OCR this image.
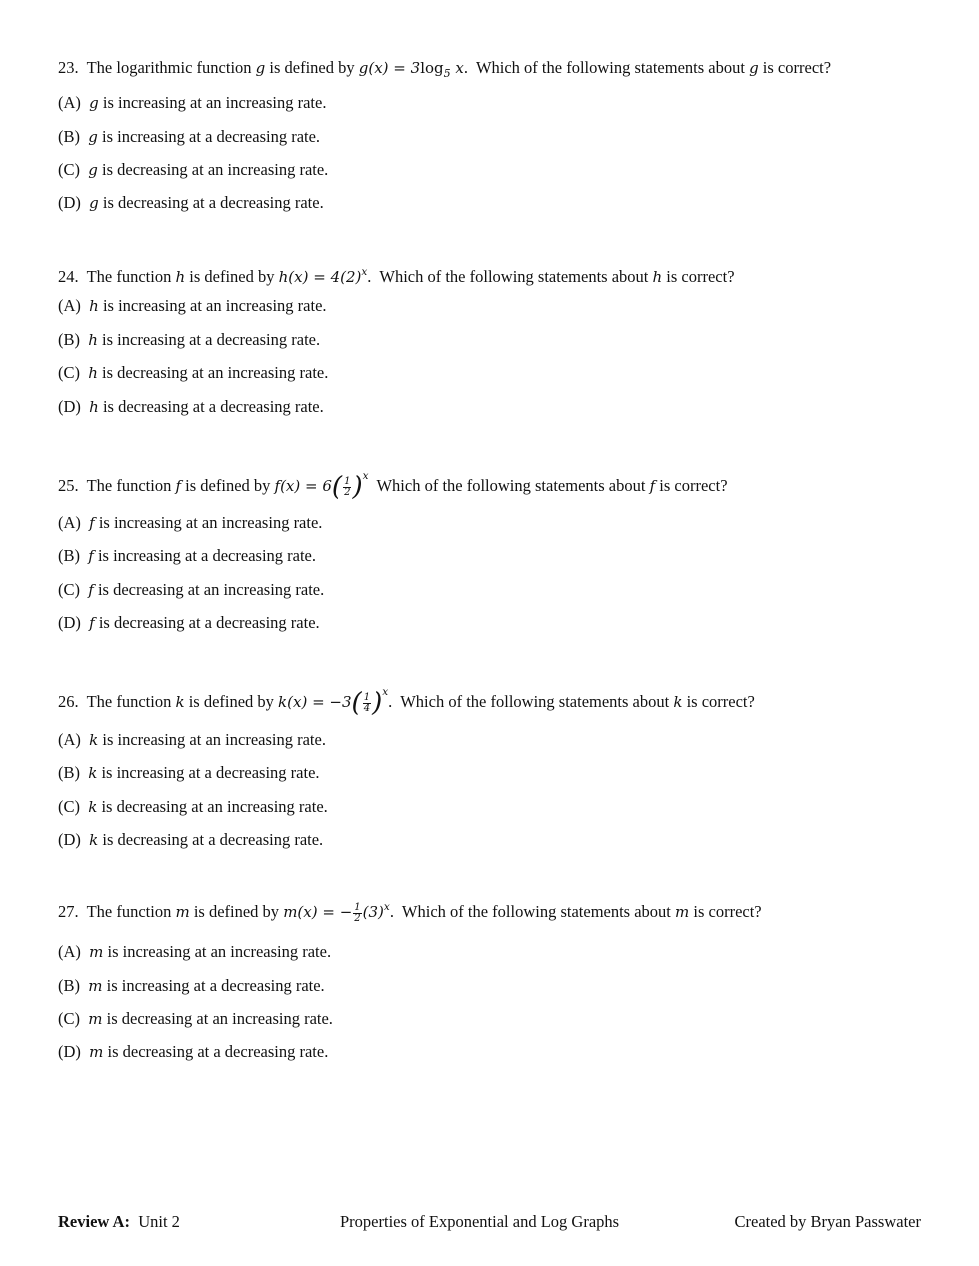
23. The logarithmic function g is defined by $g(x) = 3\log_5$ x.  Which of the following statements about g is correct?
(A) g is increasing at an increasing rate.
(B) g is increasing at a decreasing rate.
(C) g is decreasing at an increasing rate.
(D) g is decreasing at a decreasing rate.
24. The function h is defined by $h(x) = 4(2)^x$.  Which of the following statements about h is correct?
(A) h is increasing at an increasing rate.
(B) h is increasing at a decreasing rate.
(C) h is decreasing at an increasing rate.
(D) h is decreasing at a decreasing rate.
25. The function f is defined by $f(x) = 6( \frac{1}{2} )^x$ Which of the following statements about f is correct?
(A) f is increasing at an increasing rate.
(B) f is increasing at a decreasing rate.
(C) f is decreasing at an increasing rate.
(D) f is decreasing at a decreasing rate.
26. The function k is defined by $k(x) = -3( \frac{1}{4} )^x$.  Which of the following statements about k is correct?
(A) k is increasing at an increasing rate.
(B) k is increasing at a decreasing rate.
(C) k is decreasing at an increasing rate.
(D) k is decreasing at a decreasing rate.
27. The function m is defined by m(x) = − $\frac{1}{2} (3)^x$.  Which of the following statements about m is correct?
(A) m is increasing at an increasing rate.
(B) m is increasing at a decreasing rate.
(C) m is decreasing at an increasing rate.
(D) m is decreasing at a decreasing rate.
Review A: Unit 2	Properties of Exponential and Log Graphs	Created by Bryan Passwater
